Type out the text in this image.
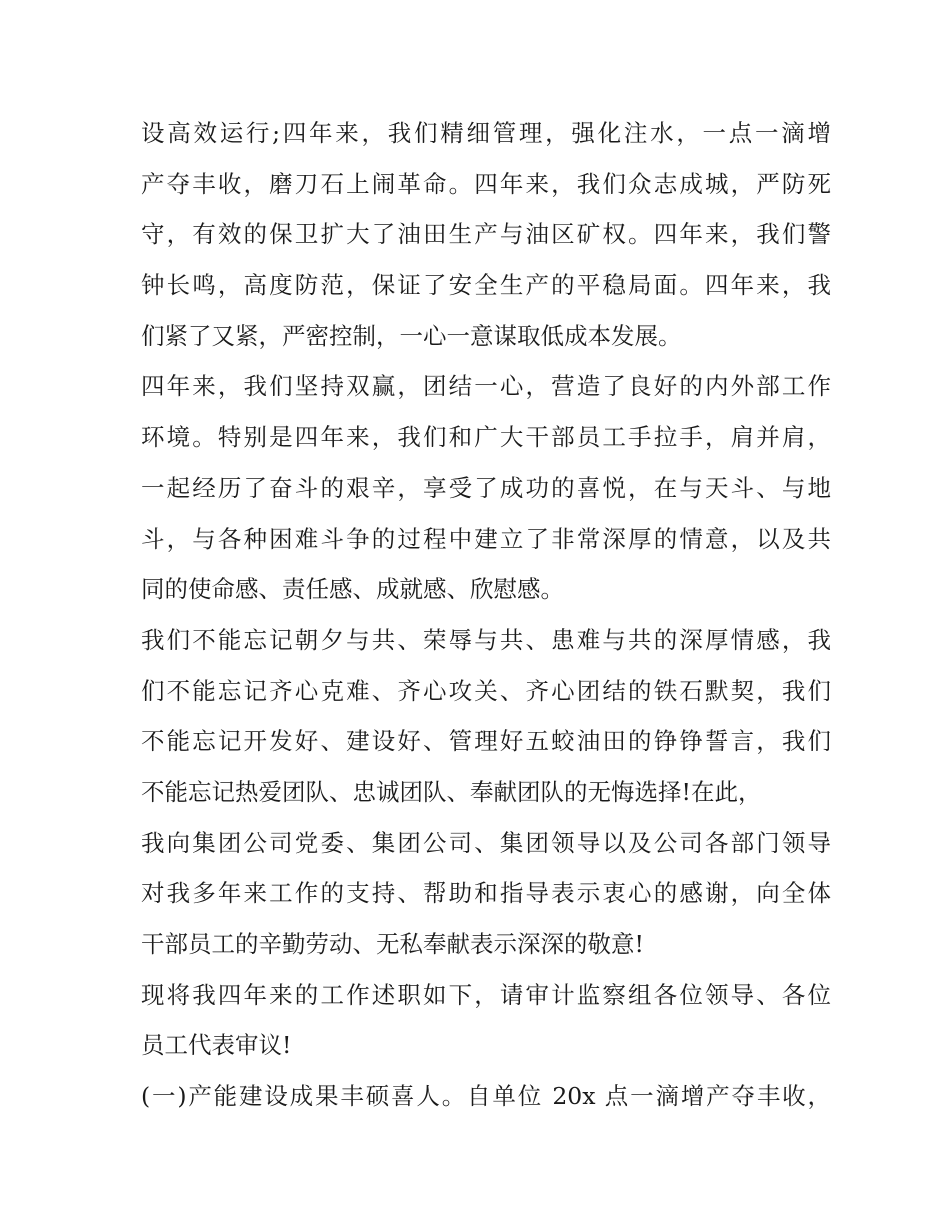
设高效运行;四年来，我们精细管理，强化注水，一点一滴增
产夺丰收，磨刀石上闹革命。四年来，我们众志成城，严防死
守，有效的保卫扩大了油田生产与油区矿权。四年来，我们警
钟长鸣，高度防范，保证了安全生产的平稳局面。四年来，我
们紧了又紧，严密控制，一心一意谋取低成本发展。
四年来，我们坚持双赢，团结一心，营造了良好的内外部工作
环境。特别是四年来，我们和广大干部员工手拉手，肩并肩，
一起经历了奋斗的艰辛，享受了成功的喜悦，在与天斗、与地
斗，与各种困难斗争的过程中建立了非常深厚的情意，以及共
同的使命感、责任感、成就感、欣慰感。
我们不能忘记朝夕与共、荣辱与共、患难与共的深厚情感，我
们不能忘记齐心克难、齐心攻关、齐心团结的铁石默契，我们
不能忘记开发好、建设好、管理好五蛟油田的铮铮誓言，我们
不能忘记热爱团队、忠诚团队、奉献团队的无悔选择!在此，
我向集团公司党委、集团公司、集团领导以及公司各部门领导
对我多年来工作的支持、帮助和指导表示衷心的感谢，向全体
干部员工的辛勤劳动、无私奉献表示深深的敬意!
现将我四年来的工作述职如下，请审计监察组各位领导、各位
员工代表审议!
(一)产能建设成果丰硕喜人。自单位 20x 点一滴增产夺丰收，
